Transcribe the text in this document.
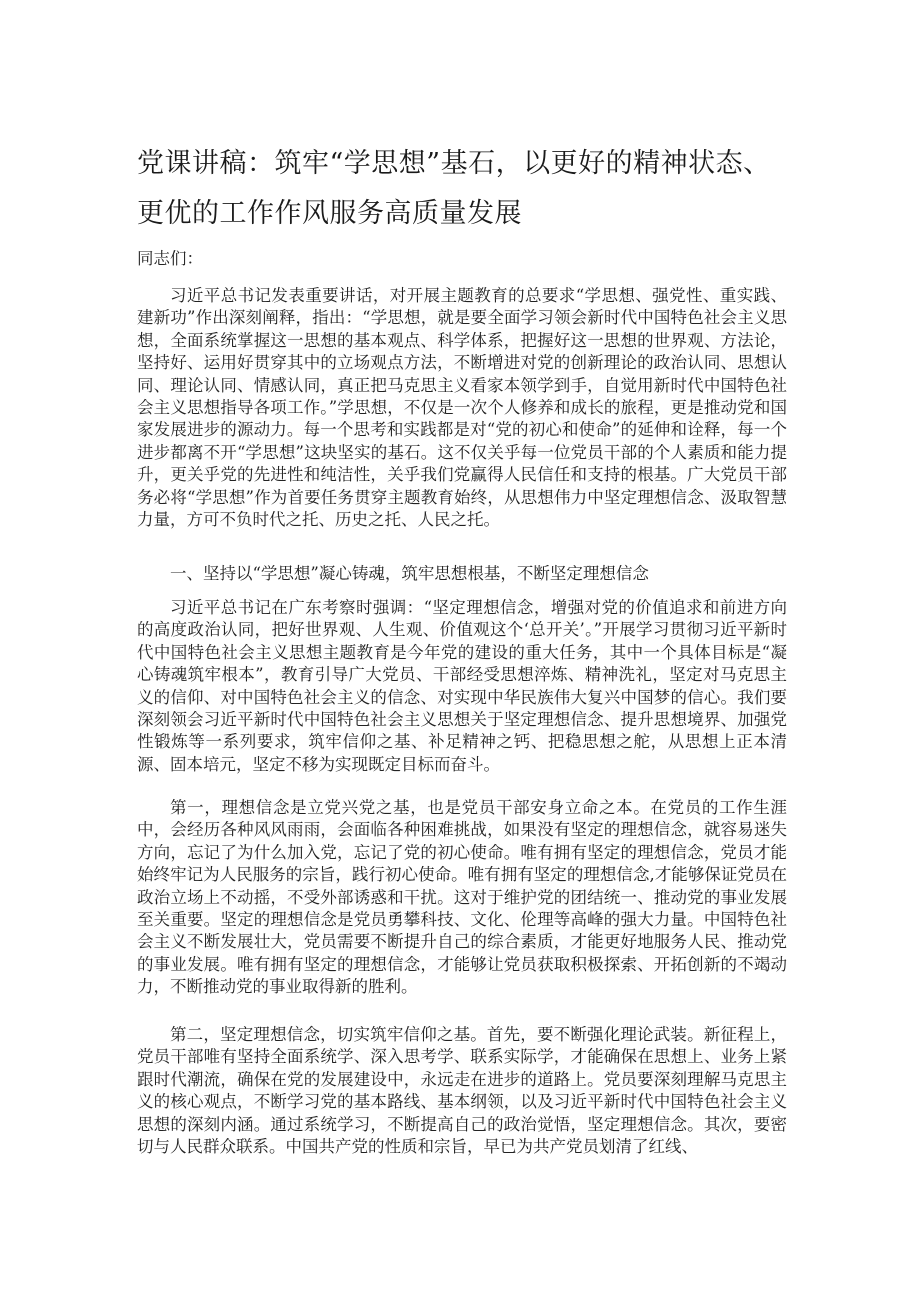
党课讲稿：筑牢“学思想”基石，以更好的精神状态、
更优的工作作风服务高质量发展
同志们：

习近平总书记发表重要讲话，对开展主题教育的总要求“学思想、强党性、重实践、建新功”作出深刻阐释，指出：“学思想，就是要全面学习领会新时代中国特色社会主义思想，全面系统掌握这一思想的基本观点、科学体系，把握好这一思想的世界观、方法论，坚持好、运用好贯穿其中的立场观点方法，不断增进对党的创新理论的政治认同、思想认同、理论认同、情感认同，真正把马克思主义看家本领学到手，自觉用新时代中国特色社会主义思想指导各项工作。”学思想，不仅是一次个人修养和成长的旅程，更是推动党和国家发展进步的源动力。每一个思考和实践都是对“党的初心和使命”的延伸和诠释，每一个进步都离不开“学思想”这块坚实的基石。这不仅关乎每一位党员干部的个人素质和能力提升，更关乎党的先进性和纯洁性，关乎我们党赢得人民信任和支持的根基。广大党员干部务必将“学思想”作为首要任务贯穿主题教育始终，从思想伟力中坚定理想信念、汲取智慧力量，方可不负时代之托、历史之托、人民之托。

一、坚持以“学思想”凝心铸魂，筑牢思想根基，不断坚定理想信念

习近平总书记在广东考察时强调：“坚定理想信念，增强对党的价值追求和前进方向的高度政治认同，把好世界观、人生观、价值观这个‘总开关’。”开展学习贯彻习近平新时代中国特色社会主义思想主题教育是今年党的建设的重大任务，其中一个具体目标是“凝心铸魂筑牢根本”，教育引导广大党员、干部经受思想淬炼、精神洗礼，坚定对马克思主义的信仰、对中国特色社会主义的信念、对实现中华民族伟大复兴中国梦的信心。我们要深刻领会习近平新时代中国特色社会主义思想关于坚定理想信念、提升思想境界、加强党性锻炼等一系列要求，筑牢信仰之基、补足精神之钙、把稳思想之舵，从思想上正本清源、固本培元，坚定不移为实现既定目标而奋斗。

第一，理想信念是立党兴党之基，也是党员干部安身立命之本。在党员的工作生涯中，会经历各种风风雨雨，会面临各种困难挑战，如果没有坚定的理想信念，就容易迷失方向，忘记了为什么加入党，忘记了党的初心使命。唯有拥有坚定的理想信念，党员才能始终牢记为人民服务的宗旨，践行初心使命。唯有拥有坚定的理想信念,才能够保证党员在政治立场上不动摇，不受外部诱惑和干扰。这对于维护党的团结统一、推动党的事业发展至关重要。坚定的理想信念是党员勇攀科技、文化、伦理等高峰的强大力量。中国特色社会主义不断发展壮大，党员需要不断提升自己的综合素质，才能更好地服务人民、推动党的事业发展。唯有拥有坚定的理想信念，才能够让党员获取积极探索、开拓创新的不竭动力，不断推动党的事业取得新的胜利。

第二，坚定理想信念，切实筑牢信仰之基。首先，要不断强化理论武装。新征程上，党员干部唯有坚持全面系统学、深入思考学、联系实际学，才能确保在思想上、业务上紧跟时代潮流，确保在党的发展建设中，永远走在进步的道路上。党员要深刻理解马克思主义的核心观点，不断学习党的基本路线、基本纲领，以及习近平新时代中国特色社会主义思想的深刻内涵。通过系统学习，不断提高自己的政治觉悟，坚定理想信念。其次，要密切与人民群众联系。中国共产党的性质和宗旨，早已为共产党员划清了红线、
